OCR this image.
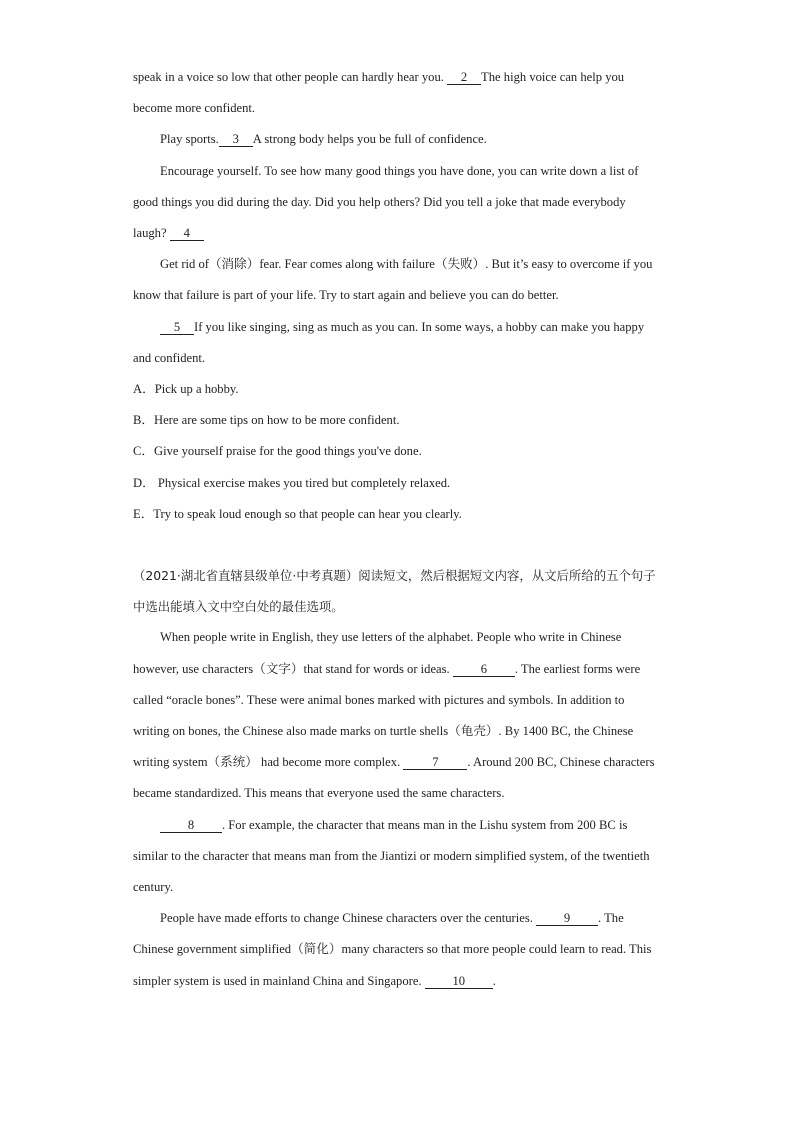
speak in a voice so low that other people can hardly hear you. 2 The high voice can help you become more confident.

Play sports. 3 A strong body helps you be full of confidence.

Encourage yourself. To see how many good things you have done, you can write down a list of good things you did during the day. Did you help others? Did you tell a joke that made everybody laugh? 4

Get rid of（消除）fear. Fear comes along with failure（失败）. But it’s easy to overcome if you know that failure is part of your life. Try to start again and believe you can do better.

5 If you like singing, sing as much as you can. In some ways, a hobby can make you happy and confident.

A．Pick up a hobby.

B．Here are some tips on how to be more confident.

C．Give yourself praise for the good things you've done.

D． Physical exercise makes you tired but completely relaxed.

E．Try to speak loud enough so that people can hear you clearly.

（2021·湖北省直辖县级单位·中考真题）阅读短文，然后根据短文内容，从文后所给的五个句子中选出能填入文中空白处的最佳选项。

When people write in English, they use letters of the alphabet. People who write in Chinese however, use characters（文字）that stand for words or ideas. 6 . The earliest forms were called “oracle bones”. These were animal bones marked with pictures and symbols. In addition to writing on bones, the Chinese also made marks on turtle shells（龟壳）. By 1400 BC, the Chinese writing system（系统） had become more complex.	7 . Around 200 BC, Chinese characters became standardized. This means that everyone used the same characters.

8 . For example, the character that means man in the Lishu system from 200 BC is similar to the character that means man from the Jiantizi or modern simplified system, of the twentieth century.

People have made efforts to change Chinese characters over the centuries. 9 . The Chinese government simplified（简化）many characters so that more people could learn to read. This simpler system is used in mainland China and Singapore. 10 .
